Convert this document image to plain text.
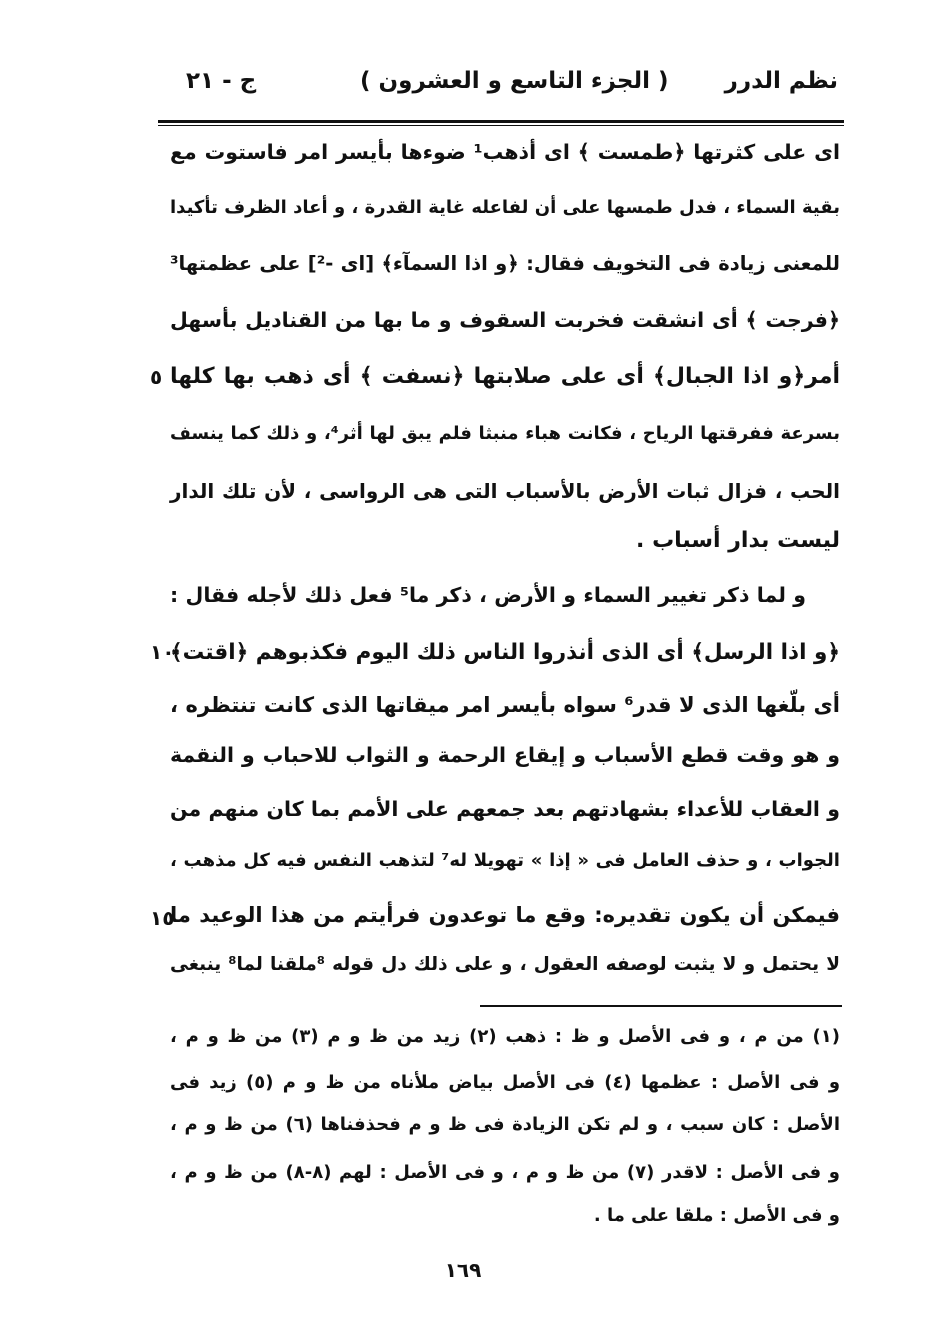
نظم الدرر
( الجزء التاسع و العشرون )
ج - ٢١
اى على كثرتها ﴿طمست ﴾ اى أذهب¹ ضوءها بأيسر امر فاستوت مع
بقية السماء ، فدل طمسها على أن لفاعله غاية القدرة ، و أعاد الظرف تأكيدا
للمعنى زيادة فى التخويف فقال: ﴿و اذا السمآء﴾ [اى -²] على عظمتها³
﴿فرجت ﴾ أى انشقت فخربت السقوف و ما بها من القناديل بأسهل
أمر﴿و اذا الجبال﴾ أى على صلابتها ﴿نسفت ﴾ أى ذهب بها كلها
٥
بسرعة ففرقتها الرياح ، فكانت هباء منبثا فلم يبق لها أثر⁴، و ذلك كما ينسف
الحب ، فزال ثبات الأرض بالأسباب التى هى الرواسى ، لأن تلك الدار
ليست بدار أسباب .
و لما ذكر تغيير السماء و الأرض ، ذكر ما⁵ فعل ذلك لأجله فقال :
﴿و اذا الرسل﴾ أى الذى أنذروا الناس ذلك اليوم فكذبوهم ﴿اقتت﴾
١٠
أى بلّغها الذى لا قدر⁶ سواه بأيسر امر ميقاتها الذى كانت تنتظره ،
و هو وقت قطع الأسباب و إيقاع الرحمة و الثواب للاحباب و النقمة
و العقاب للأعداء بشهادتهم بعد جمعهم على الأمم بما كان منهم من
الجواب ، و حذف العامل فى « إذا » تهويلا له⁷ لتذهب النفس فيه كل مذهب ،
فيمكن أن يكون تقديره: وقع ما توعدون فرأيتم من هذا الوعيد ما
١٥
لا يحتمل و لا يثبت لوصفه العقول ، و على ذلك دل قوله ⁸ملقنا لما⁸ ينبغى
(١) من م ، و فى الأصل و ظ : ذهب (٢) زيد من ظ و م (٣) من ظ و م ،
و فى الأصل : عظمها (٤) فى الأصل بياض ملأناه من ظ و م (٥) زيد فى
الأصل : كان سبب ، و لم تكن الزيادة فى ظ و م فحذفناها (٦) من ظ و م ،
و فى الأصل : لاقدر (٧) من ظ و م ، و فى الأصل : لهم (٨-٨) من ظ و م ،
و فى الأصل : ملقا على ما .
١٦٩
